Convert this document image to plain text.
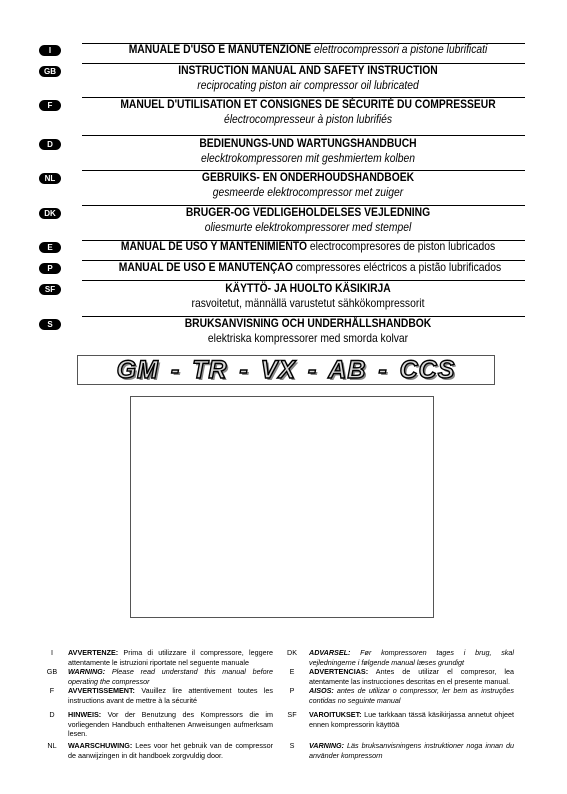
I	MANUALE D'USO E MANUTENZIONE elettrocompressori a pistone lubrificati
GB	INSTRUCTION MANUAL AND SAFETY INSTRUCTION
reciprocating piston air compressor oil lubricated
F	MANUEL D'UTILISATION ET CONSIGNES DE SÉCURITÉ DU COMPRESSEUR
électrocompresseur à piston lubrifiés
D	BEDIENUNGS-UND WARTUNGSHANDBUCH
elecktrokompressoren mit geshmiertem kolben
NL	GEBRUIKS- EN ONDERHOUDSHANDBOEK
gesmeerde elektrocompressor met zuiger
DK	BRUGER-OG VEDLIGEHOLDELSES VEJLEDNING
oliesmurte elektrokompressorer med stempel
E	MANUAL DE USO Y MANTENIMIENTO electrocompresores de piston lubricados
P	MANUAL DE USO E MANUTENÇAO compressores eléctricos a pistão lubrificados
SF	KÄYTTÖ- JA HUOLTO KÄSIKIRJA
rasvoitetut, männällä varustetut sähkökompressorit
S	BRUKSANVISNING OCH UNDERHÅLLSHANDBOK
elektriska kompressorer med smorda kolvar
GM - TR - VX - AB - CCS
I	AVVERTENZE: Prima di utilizzare il compressore, leggere attentamente le istruzioni riportate nel seguente manuale
GB	WARNING: Please read understand this manual before operating the compressor
F	AVVERTISSEMENT: Vauillez lire attentivement toutes les instructions avant de mettre à la sécurité
D	HINWEIS: Vor der Benutzung des Kompressors die im vorliegenden Handbuch enthaltenen Anweisungen aufmerksam lesen.
NL	WAARSCHUWING: Lees voor het gebruik van de compressor de aanwijzingen in dit handboek zorgvuldig door.
DK	ADVARSEL: Før kompressoren tages i brug, skal vejledningerne i følgende manual læses grundigt
E	ADVERTENCIAS: Antes de utilizar el compresor, lea atentamente las instrucciones descritas en el presente manual.
P	AISOS: antes de utilizar o compressor, ler bem as instruções contidas no seguinte manual
SF	VAROITUKSET: Lue tarkkaan tässä käsikirjassa annetut ohjeet ennen kompressorin käyttöä
S	VARNING: Läs bruksanvisningens instruktioner noga innan du använder kompressorn
